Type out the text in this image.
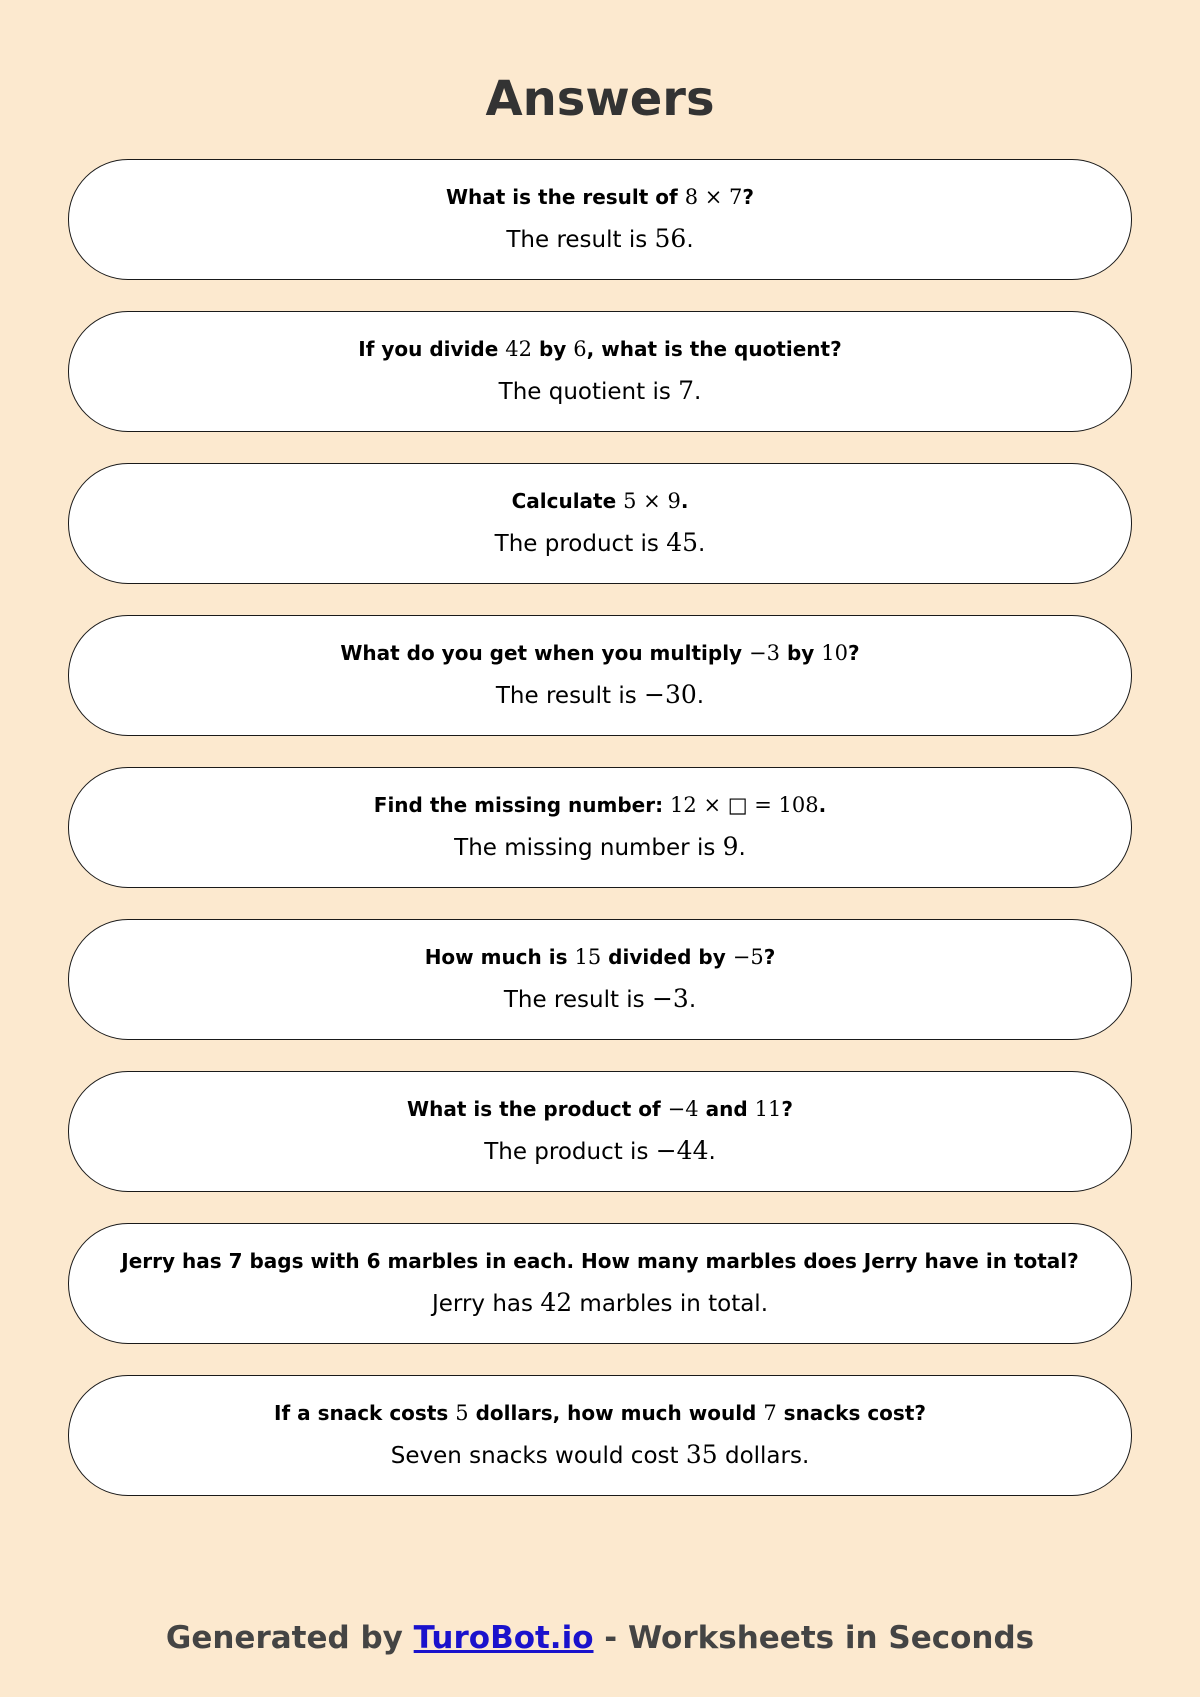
Answers
What is the result of 8 × 7?
The result is 56.
If you divide 42 by 6, what is the quotient?
The quotient is 7.
Calculate 5 × 9.
The product is 45.
What do you get when you multiply −3 by 10?
The result is −30.
Find the missing number: 12 × □ = 108.
The missing number is 9.
How much is 15 divided by −5?
The result is −3.
What is the product of −4 and 11?
The product is −44.
Jerry has 7 bags with 6 marbles in each. How many marbles does Jerry have in total?
Jerry has 42 marbles in total.
If a snack costs 5 dollars, how much would 7 snacks cost?
Seven snacks would cost 35 dollars.
Generated by TuroBot.io - Worksheets in Seconds
